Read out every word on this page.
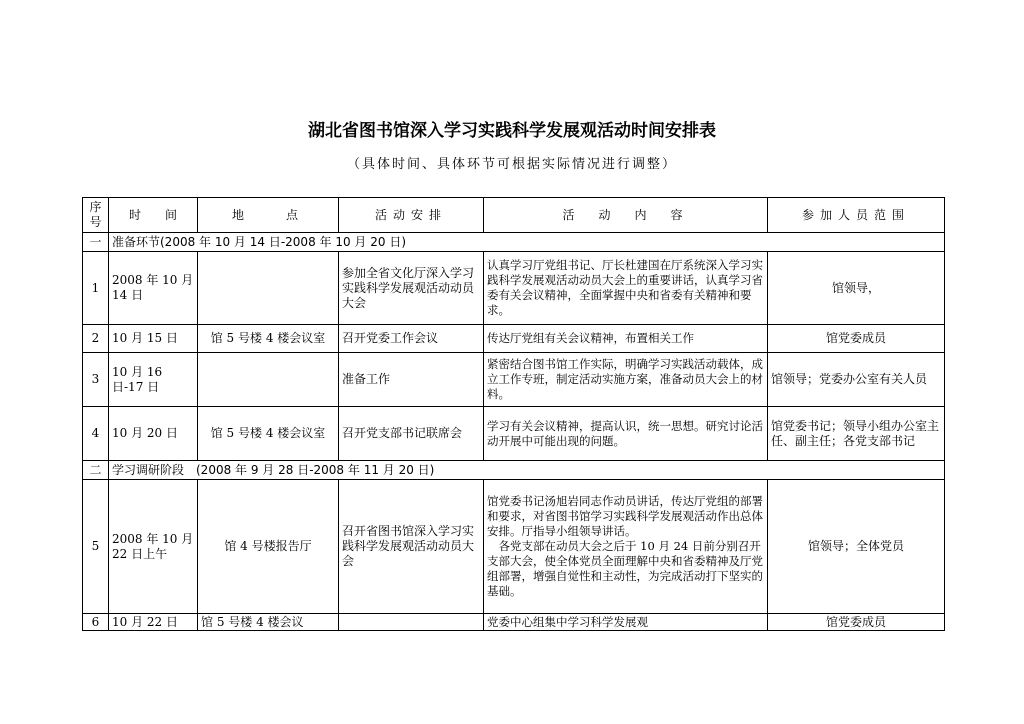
湖北省图书馆深入学习实践科学发展观活动时间安排表
（具体时间、具体环节可根据实际情况进行调整）
序号	时　　间	地　　点	活动安排	活　动　内　容	参加人员范围
一	准备环节(2008 年 10 月 14 日-2008 年 10 月 20 日)				
1	2008 年 10 月 14 日		参加全省文化厅深入学习实践科学发展观活动动员大会	认真学习厅党组书记、厅长杜建国在厅系统深入学习实践科学发展观活动动员大会上的重要讲话，认真学习省委有关会议精神，全面掌握中央和省委有关精神和要求。	馆领导，
2	10 月 15 日	馆 5 号楼 4 楼会议室	召开党委工作会议	传达厅党组有关会议精神，布置相关工作	馆党委成员
3	10 月 16 日-17 日		准备工作	紧密结合图书馆工作实际，明确学习实践活动载体，成立工作专班，制定活动实施方案，准备动员大会上的材料。	馆领导；党委办公室有关人员
4	10 月 20 日	馆 5 号楼 4 楼会议室	召开党支部书记联席会	学习有关会议精神，提高认识，统一思想。研究讨论活动开展中可能出现的问题。	馆党委书记；领导小组办公室主任、副主任；各党支部书记
二	学习调研阶段　(2008 年 9 月 28 日-2008 年 11 月 20 日)				
5	2008 年 10 月 22 日上午	馆 4 号楼报告厅	召开省图书馆深入学习实践科学发展观活动动员大会	馆党委书记汤旭岩同志作动员讲话，传达厅党组的部署和要求，对省图书馆学习实践科学发展观活动作出总体安排。厅指导小组领导讲话。
　各党支部在动员大会之后于 10 月 24 日前分别召开支部大会，使全体党员全面理解中央和省委精神及厅党组部署，增强自觉性和主动性，为完成活动打下坚实的基础。	馆领导；全体党员
6	10 月 22 日	馆 5 号楼 4 楼会议		党委中心组集中学习科学发展观	馆党委成员
